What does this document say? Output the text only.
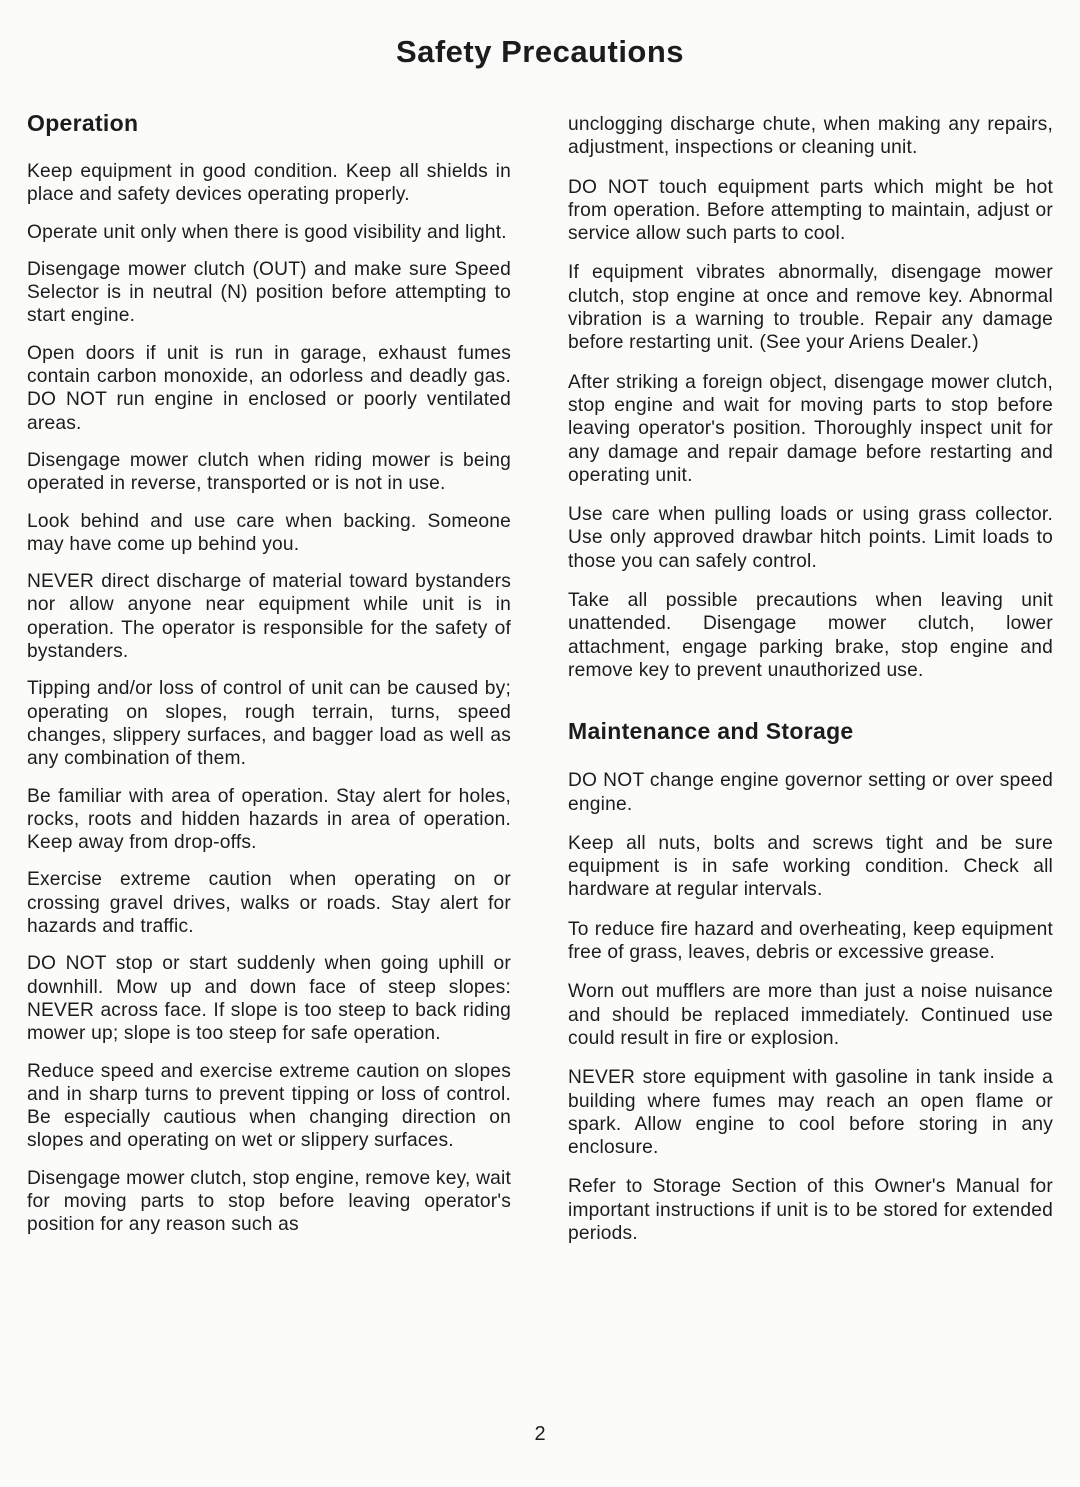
Safety Precautions
Operation

Keep equipment in good condition. Keep all shields in place and safety devices operating properly.

Operate unit only when there is good visibility and light.

Disengage mower clutch (OUT) and make sure Speed Selector is in neutral (N) position before attempting to start engine.

Open doors if unit is run in garage, exhaust fumes contain carbon monoxide, an odorless and deadly gas. DO NOT run engine in enclosed or poorly ventilated areas.

Disengage mower clutch when riding mower is being operated in reverse, transported or is not in use.

Look behind and use care when backing. Someone may have come up behind you.

NEVER direct discharge of material toward bystanders nor allow anyone near equipment while unit is in operation. The operator is responsible for the safety of bystanders.

Tipping and/or loss of control of unit can be caused by; operating on slopes, rough terrain, turns, speed changes, slippery surfaces, and bagger load as well as any combination of them.

Be familiar with area of operation. Stay alert for holes, rocks, roots and hidden hazards in area of operation. Keep away from drop-offs.

Exercise extreme caution when operating on or crossing gravel drives, walks or roads. Stay alert for hazards and traffic.

DO NOT stop or start suddenly when going uphill or downhill. Mow up and down face of steep slopes: NEVER across face. If slope is too steep to back riding mower up; slope is too steep for safe operation.

Reduce speed and exercise extreme caution on slopes and in sharp turns to prevent tipping or loss of control. Be especially cautious when changing direction on slopes and operating on wet or slippery surfaces.

Disengage mower clutch, stop engine, remove key, wait for moving parts to stop before leaving operator's position for any reason such as

unclogging discharge chute, when making any repairs, adjustment, inspections or cleaning unit.

DO NOT touch equipment parts which might be hot from operation. Before attempting to maintain, adjust or service allow such parts to cool.

If equipment vibrates abnormally, disengage mower clutch, stop engine at once and remove key. Abnormal vibration is a warning to trouble. Repair any damage before restarting unit. (See your Ariens Dealer.)

After striking a foreign object, disengage mower clutch, stop engine and wait for moving parts to stop before leaving operator's position. Thoroughly inspect unit for any damage and repair damage before restarting and operating unit.

Use care when pulling loads or using grass collector. Use only approved drawbar hitch points. Limit loads to those you can safely control.

Take all possible precautions when leaving unit unattended. Disengage mower clutch, lower attachment, engage parking brake, stop engine and remove key to prevent unauthorized use.

Maintenance and Storage

DO NOT change engine governor setting or over speed engine.

Keep all nuts, bolts and screws tight and be sure equipment is in safe working condition. Check all hardware at regular intervals.

To reduce fire hazard and overheating, keep equipment free of grass, leaves, debris or excessive grease.

Worn out mufflers are more than just a noise nuisance and should be replaced immediately. Continued use could result in fire or explosion.

NEVER store equipment with gasoline in tank inside a building where fumes may reach an open flame or spark. Allow engine to cool before storing in any enclosure.

Refer to Storage Section of this Owner's Manual for important instructions if unit is to be stored for extended periods.

2
